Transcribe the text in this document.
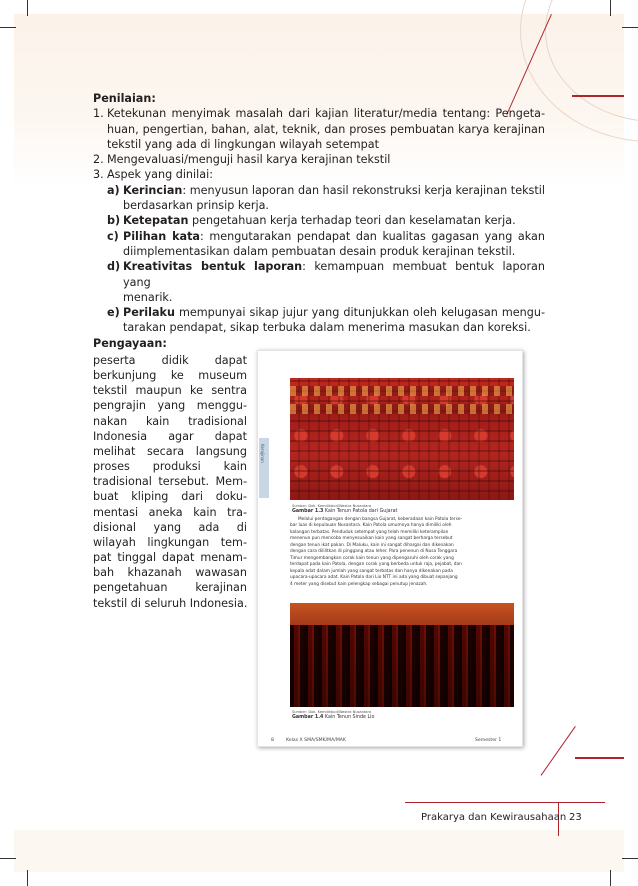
Penilaian:

1. Ketekunan menyimak masalah dari kajian literatur/media tentang: Pengeta-
huan, pengertian, bahan, alat, teknik, dan proses pembuatan karya kerajinan
tekstil yang ada di lingkungan wilayah setempat
2. Mengevaluasi/menguji hasil karya kerajinan tekstil
3. Aspek yang dinilai:
a) Kerincian: menyusun laporan dan hasil rekonstruksi kerja kerajinan tekstil
berdasarkan prinsip kerja.
b) Ketepatan pengetahuan kerja terhadap teori dan keselamatan kerja.
c) Pilihan kata: mengutarakan pendapat dan kualitas gagasan yang akan
diimplementasikan dalam pembuatan desain produk kerajinan tekstil.
d) Kreativitas bentuk laporan: kemampuan membuat bentuk laporan yang
menarik.
e) Perilaku mempunyai sikap jujur yang ditunjukkan oleh kelugasan mengu-
tarakan pendapat, sikap terbuka dalam menerima masukan dan koreksi.
Pengayaan:
peserta didik dapat
berkunjung ke museum
tekstil maupun ke sentra
pengrajin yang menggu-
nakan kain tradisional
Indonesia agar dapat
melihat secara langsung
proses produksi kain
tradisional tersebut. Mem-
buat kliping dari doku-
mentasi aneka kain tra-
disional yang ada di
wilayah lingkungan tem-
pat tinggal dapat menam-
bah khazanah wawasan
pengetahuan kerajinan
tekstil di seluruh Indonesia.
Kerajinan
Sumber: Dok. Kemdikbud/Wastra Nusantara
Gambar 1.3 Kain Tenun Patola dari Gujarat
Melalui perdagangan dengan bangsa Gujarat, keberadaan kain Patola terse-
bar luas di kepulauan Nusantara. Kain Patola umumnya hanya dimiliki oleh
kalangan terbatas. Penduduk setempat yang telah memiliki keterampilan
menenun pun mencoba menyesuaikan kain yang sangat berharga tersebut
dengan tenun ikat pakan. Di Maluku, kain ini sangat dihargai dan dikenakan
dengan cara dililitkan di pinggang atau leher. Para penenun di Nusa Tenggara
Timur mengembangkan corak kain tenun yang dipengaruhi oleh corak yang
terdapat pada kain Patola, dengan corak yang berbeda untuk raja, pejabat, dan
kepala adat dalam jumlah yang sangat terbatas dan hanya dikenakan pada
upacara-upacara adat. Kain Patola dari Lio NTT ini ada yang dibuat sepanjang
4 meter yang disebut kain pelengkap sebagai penutup jenazah.
Sumber: Dok. Kemdikbud/Wastra Nusantara
Gambar 1.4 Kain Tenun Sinde Lio
8	Kelas X SMA/SMK/MA/MAK	Semester 1
Prakarya dan Kewirausahaan 23
